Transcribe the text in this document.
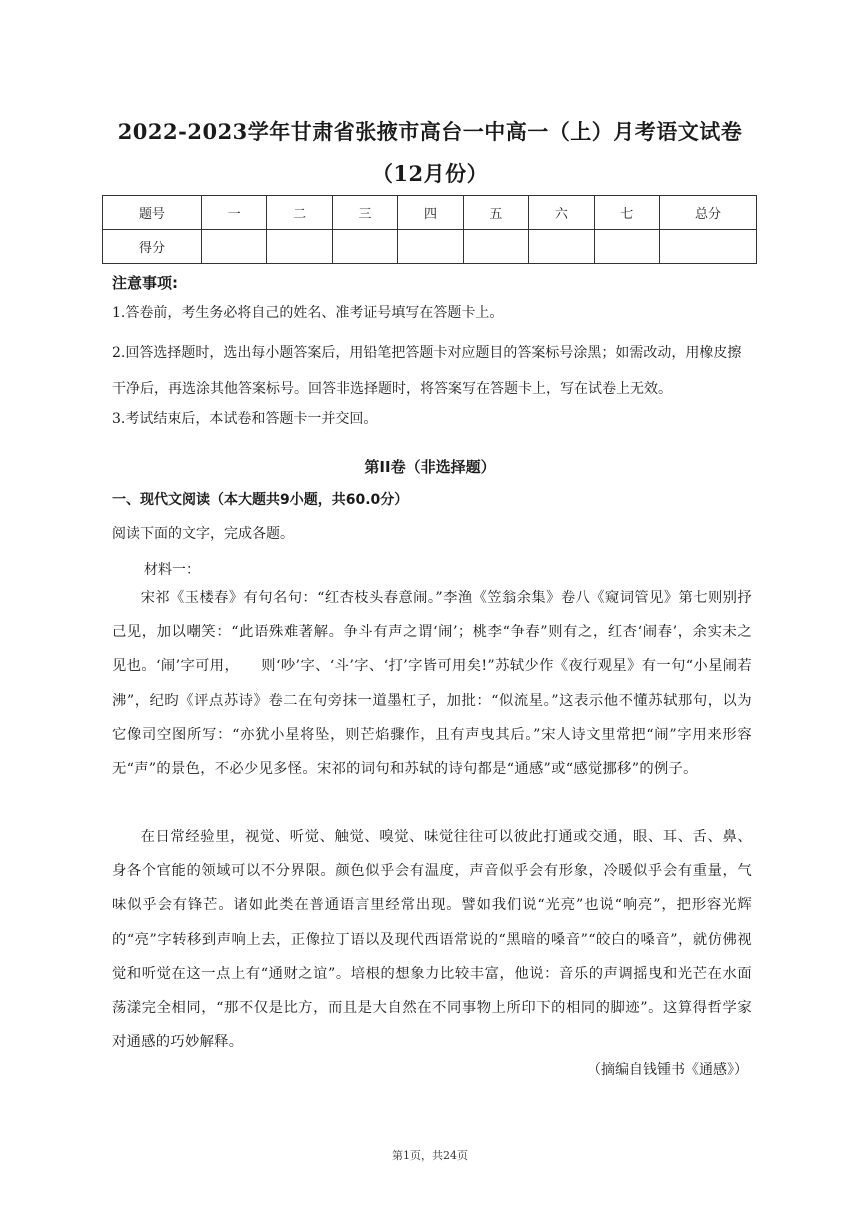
2022-2023学年甘肃省张掖市高台一中高一（上）月考语文试卷
（12月份）
题号	一	二	三	四	五	六	七	总分
得分								
注意事项:
1.答卷前，考生务必将自己的姓名、准考证号填写在答题卡上。
2.回答选择题时，选出每小题答案后，用铅笔把答题卡对应题目的答案标号涂黑；如需改动，用橡皮擦干净后，再选涂其他答案标号。回答非选择题时，将答案写在答题卡上，写在试卷上无效。
3.考试结束后，本试卷和答题卡一并交回。
第II卷（非选择题）
一、现代文阅读（本大题共9小题，共60.0分）
阅读下面的文字，完成各题。
材料一：
宋祁《玉楼春》有句名句：“红杏枝头春意闹。”李渔《笠翁余集》卷八《窥词管见》第七则别抒己见，加以嘲笑：“此语殊难著解。争斗有声之谓‘闹’；桃李“争春”则有之，红杏‘闹春’，余实未之见也。‘闹’字可用，　　则‘吵’字、‘斗’字、‘打’字皆可用矣!”苏轼少作《夜行观星》有一句“小星闹若沸”，纪昀《评点苏诗》卷二在句旁抹一道墨杠子，加批：“似流星。”这表示他不懂苏轼那句，以为它像司空图所写：“亦犹小星将坠，则芒焰骤作，且有声曳其后。”宋人诗文里常把“闹”字用来形容无“声”的景色，不必少见多怪。宋祁的词句和苏轼的诗句都是“通感”或“感觉挪移”的例子。
在日常经验里，视觉、听觉、触觉、嗅觉、味觉往往可以彼此打通或交通，眼、耳、舌、鼻、身各个官能的领域可以不分界限。颜色似乎会有温度，声音似乎会有形象，冷暖似乎会有重量，气味似乎会有锋芒。诸如此类在普通语言里经常出现。譬如我们说“光亮”也说“响亮”，把形容光辉的“亮”字转移到声响上去，正像拉丁语以及现代西语常说的“黑暗的嗓音”“皎白的嗓音”，就仿佛视觉和听觉在这一点上有“通财之谊”。培根的想象力比较丰富，他说：音乐的声调摇曳和光芒在水面荡漾完全相同，“那不仅是比方，而且是大自然在不同事物上所印下的相同的脚迹”。这算得哲学家对通感的巧妙解释。
（摘编自钱锺书《通感》）
第1页，共24页
